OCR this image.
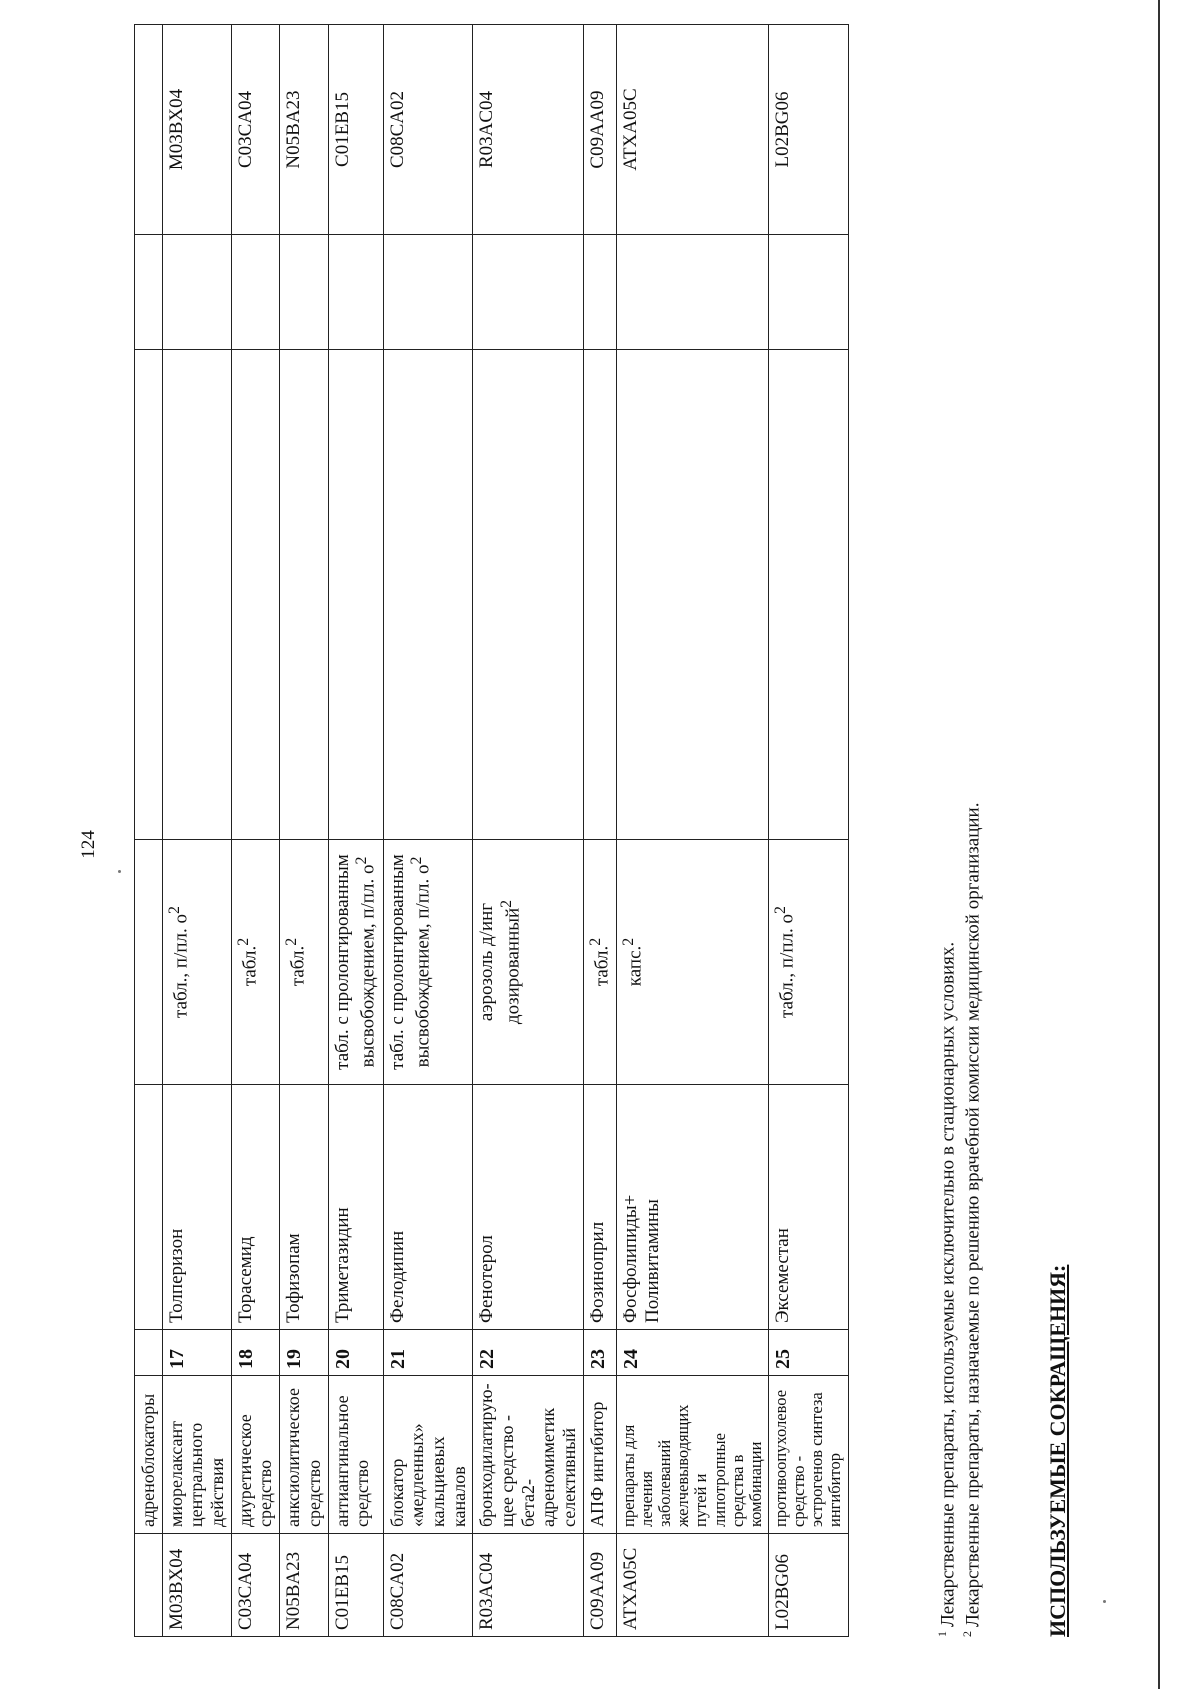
124
	адреноблокаторы						
M03BX04	миорелаксант центрального действия	17	Толперизон	табл., п/пл. $о^2$			M03BX04
C03CA04	диуретическое средство	18	Торасемид	табл.$^2$			C03CA04
N05BA23	анксиолитическое средство	19	Тофизопам	табл.$^2$			N05BA23
C01EB15	антиангинальное средство	20	Триметазидин	табл. с пролонгированным высвобождением, п/пл. $о^2$			C01EB15
C08CA02	блокатор «медленных» кальциевых каналов	21	Фелодипин	табл. с пролонгированным высвобождением, п/пл. $о^2$			C08CA02
R03AC04	бронходилатирую-щее средство - бета2-адреномиметик селективный	22	Фенотерол	аэрозоль д/инг дозированный$^2$			R03AC04
C09AA09	АПФ ингибитор	23	Фозиноприл	табл.$^2$			C09AA09
ATXA05C	препараты для лечения заболеваний желчевыводящих путей и липотропные средства в комбинации	24	Фосфолипиды+ Поливитамины	капс.$^2$			ATXA05C
L02BG06	противоопухолевое средство - эстрогенов синтеза ингибитор	25	Эксеместан	табл., п/пл. $о^2$			L02BG06
$^1$Лекарственные препараты, используемые исключительно в стационарных условиях.
$^2$Лекарственные препараты, назначаемые по решению врачебной комиссии медицинской организации.	ИСПОЛЬЗУЕМЫЕ СОКРАЩЕНИЯ:
